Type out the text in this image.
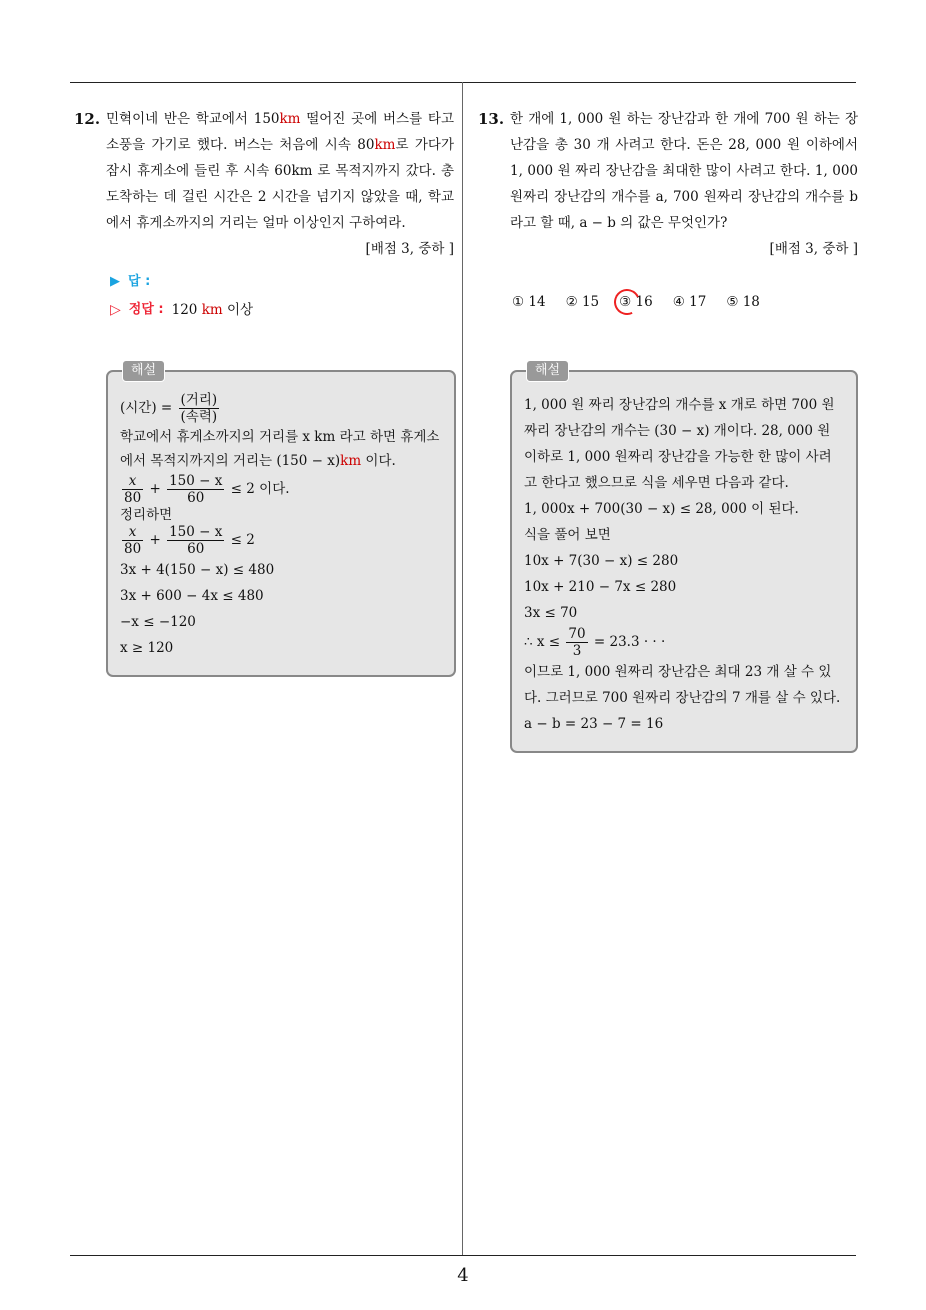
4
12. 민혁이네 반은 학교에서 150km 떨어진 곳에 버스를 타고 소풍을 가기로 했다. 버스는 처음에 시속 80km로 가다가 잠시 휴게소에 들린 후 시속 60km 로 목적지까지 갔다. 총 도착하는 데 걸린 시간은 2 시간을 넘기지 않았을 때, 학교에서 휴게소까지의 거리는 얼마 이상인지 구하여라.
[배점 3, 중하 ]
▶ 답 :
▷ 정답 : 120 km 이상
해설

(시간) = $\frac{\text{(거리)}}{\text{(속력)}}$

학교에서 휴게소까지의 거리를 x km 라고 하면 휴게소에서 목적지까지의 거리는 (150 − x)km 이다.

$\frac{x}{80} + \frac{150 - x}{60} \le 2$ 이다.

정리하면

$\frac{x}{80} + \frac{150 - x}{60} \le 2$

3x + 4(150 − x) ≤ 480

3x + 600 − 4x ≤ 480

−x ≤ −120

x ≥ 120

13. 한 개에 1, 000 원 하는 장난감과 한 개에 700 원 하는 장난감을 총 30 개 사려고 한다. 돈은 28, 000 원 이하에서 1, 000 원 짜리 장난감을 최대한 많이 사려고 한다. 1, 000 원짜리 장난감의 개수를 a, 700 원짜리 장난감의 개수를 b 라고 할 때, a − b 의 값은 무엇인가?
[배점 3, 중하 ]
① 14 ② 15 ③ 16 ④ 17 ⑤ 18
해설

1, 000 원 짜리 장난감의 개수를 x 개로 하면 700 원짜리 장난감의 개수는 (30 − x) 개이다. 28, 000 원 이하로 1, 000 원짜리 장난감을 가능한 한 많이 사려고 한다고 했으므로 식을 세우면 다음과 같다.

1, 000x + 700(30 − x) ≤ 28, 000 이 된다.

식을 풀어 보면

10x + 7(30 − x) ≤ 280

10x + 210 − 7x ≤ 280

3x ≤ 70

∴ $x \le \frac{70}{3} = 23.3$ · · ·

이므로 1, 000 원짜리 장난감은 최대 23 개 살 수 있다. 그러므로 700 원짜리 장난감의 7 개를 살 수 있다.

a − b = 23 − 7 = 16
